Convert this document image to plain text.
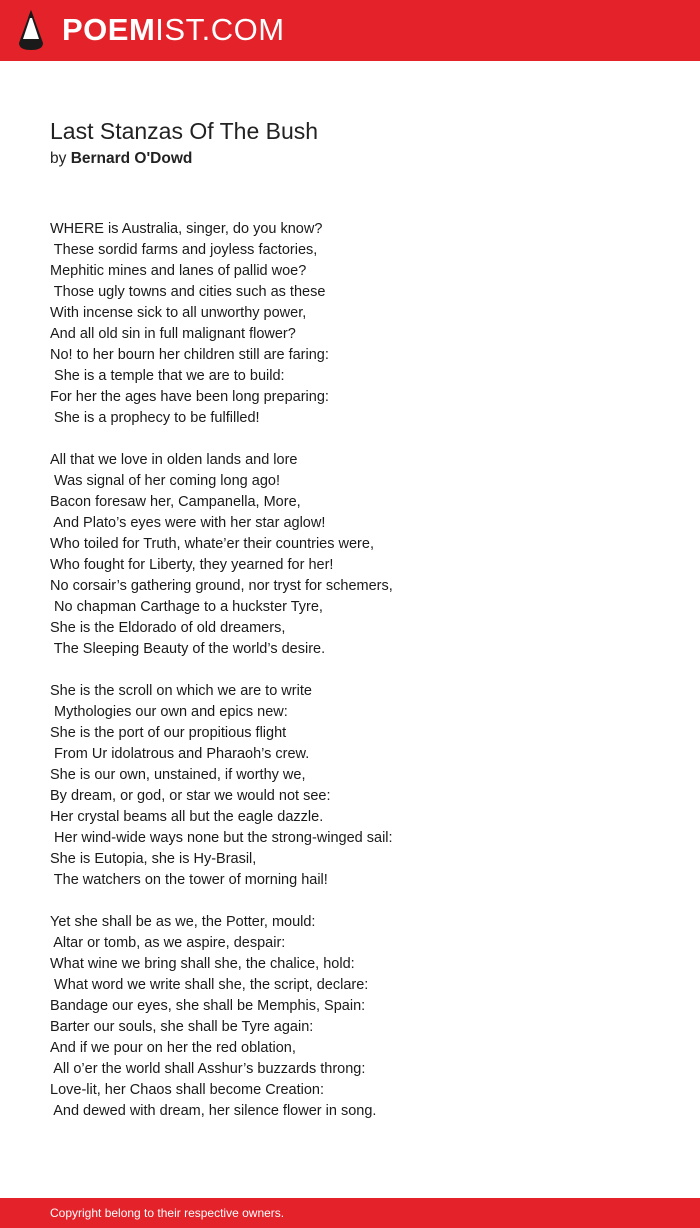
POEMIST.COM
Last Stanzas Of The Bush
by Bernard O'Dowd
WHERE is Australia, singer, do you know?
These sordid farms and joyless factories,
Mephitic mines and lanes of pallid woe?
Those ugly towns and cities such as these
With incense sick to all unworthy power,
And all old sin in full malignant flower?
No! to her bourn her children still are faring:
She is a temple that we are to build:
For her the ages have been long preparing:
She is a prophecy to be fulfilled!
All that we love in olden lands and lore
Was signal of her coming long ago!
Bacon foresaw her, Campanella, More,
And Plato’s eyes were with her star aglow!
Who toiled for Truth, whate’er their countries were,
Who fought for Liberty, they yearned for her!
No corsair’s gathering ground, nor tryst for schemers,
No chapman Carthage to a huckster Tyre,
She is the Eldorado of old dreamers,
The Sleeping Beauty of the world’s desire.
She is the scroll on which we are to write
Mythologies our own and epics new:
She is the port of our propitious flight
From Ur idolatrous and Pharaoh’s crew.
She is our own, unstained, if worthy we,
By dream, or god, or star we would not see:
Her crystal beams all but the eagle dazzle.
Her wind-wide ways none but the strong-winged sail:
She is Eutopia, she is Hy-Brasil,
The watchers on the tower of morning hail!
Yet she shall be as we, the Potter, mould:
Altar or tomb, as we aspire, despair:
What wine we bring shall she, the chalice, hold:
What word we write shall she, the script, declare:
Bandage our eyes, she shall be Memphis, Spain:
Barter our souls, she shall be Tyre again:
And if we pour on her the red oblation,
All o’er the world shall Asshur’s buzzards throng:
Love-lit, her Chaos shall become Creation:
And dewed with dream, her silence flower in song.
Copyright belong to their respective owners.
